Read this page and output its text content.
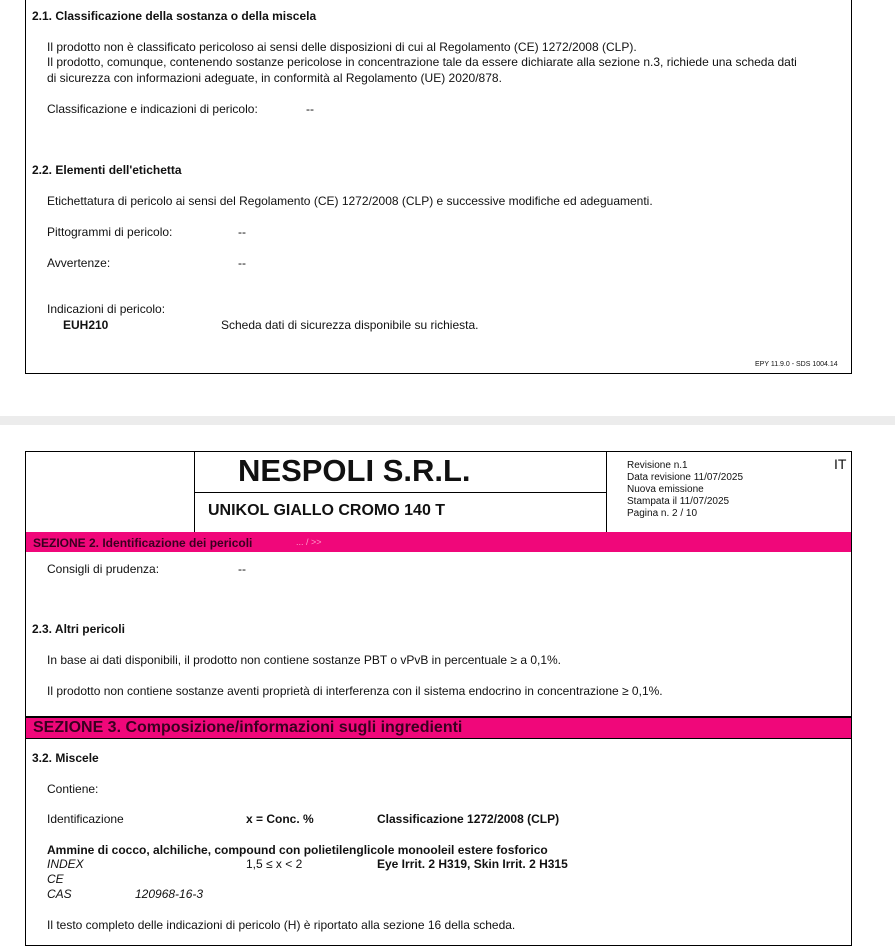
2.1. Classificazione della sostanza o della miscela
Il prodotto non è classificato pericoloso ai sensi delle disposizioni di cui al Regolamento (CE) 1272/2008 (CLP).
Il prodotto, comunque, contenendo sostanze pericolose in concentrazione tale da essere dichiarate alla sezione n.3, richiede una scheda dati
di sicurezza con informazioni adeguate, in conformità al Regolamento (UE) 2020/878.
Classificazione e indicazioni di pericolo:	--
2.2. Elementi dell'etichetta
Etichettatura di pericolo ai sensi del Regolamento (CE) 1272/2008 (CLP) e successive modifiche ed adeguamenti.
Pittogrammi di pericolo:	--
Avvertenze:	--
Indicazioni di pericolo:
EUH210	Scheda dati di sicurezza disponibile su richiesta.
EPY 11.9.0 - SDS 1004.14
NESPOLI S.R.L.
UNIKOL GIALLO CROMO 140 T
Revisione n.1
Data revisione 11/07/2025
Nuova emissione
Stampata il 11/07/2025
Pagina n. 2 / 10
IT
SEZIONE 2. Identificazione dei pericoli	... / >>
Consigli di prudenza:	--
2.3. Altri pericoli
In base ai dati disponibili, il prodotto non contiene sostanze PBT o vPvB in percentuale ≥ a 0,1%.
Il prodotto non contiene sostanze aventi proprietà di interferenza con il sistema endocrino in concentrazione ≥ 0,1%.
SEZIONE 3. Composizione/informazioni sugli ingredienti
3.2. Miscele
Contiene:
Identificazione	x = Conc. %	Classificazione 1272/2008 (CLP)
Ammine di cocco, alchiliche, compound con polietilenglicole monooleil estere fosforico
INDEX	1,5 ≤ x < 2	Eye Irrit. 2 H319, Skin Irrit. 2 H315
CE
CAS	120968-16-3
Il testo completo delle indicazioni di pericolo (H) è riportato alla sezione 16 della scheda.
